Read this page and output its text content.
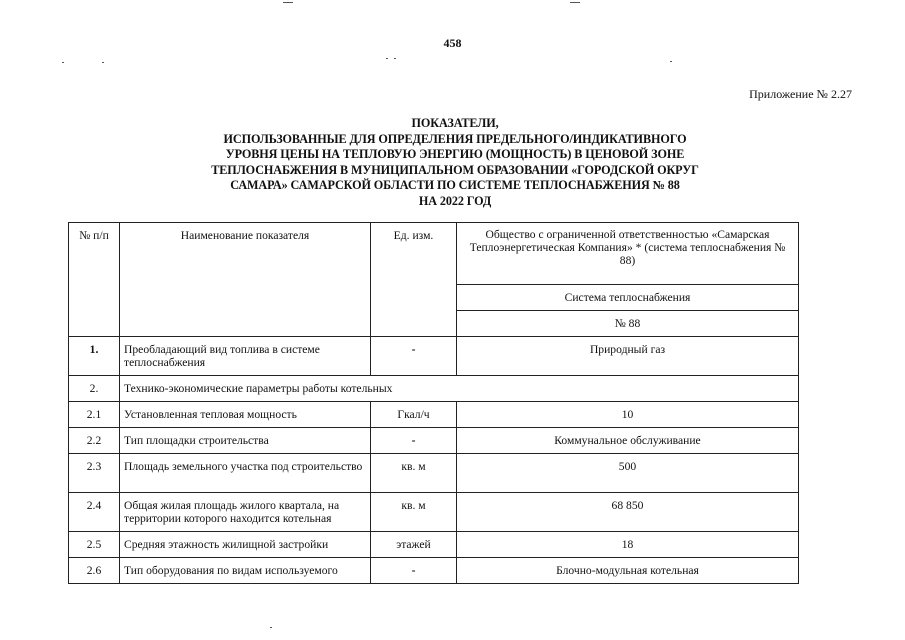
458
Приложение № 2.27
ПОКАЗАТЕЛИ,
ИСПОЛЬЗОВАННЫЕ ДЛЯ ОПРЕДЕЛЕНИЯ ПРЕДЕЛЬНОГО/ИНДИКАТИВНОГО
УРОВНЯ ЦЕНЫ НА ТЕПЛОВУЮ ЭНЕРГИЮ (МОЩНОСТЬ) В ЦЕНОВОЙ ЗОНЕ
ТЕПЛОСНАБЖЕНИЯ В МУНИЦИПАЛЬНОМ ОБРАЗОВАНИИ «ГОРОДСКОЙ ОКРУГ
САМАРА» САМАРСКОЙ ОБЛАСТИ ПО СИСТЕМЕ ТЕПЛОСНАБЖЕНИЯ № 88
НА 2022 ГОД
№ п/п	Наименование показателя	Ед. изм.	Общество с ограниченной ответственностью «Самарская Теплоэнергетическая Компания» * (система теплоснабжения № 88)
			Система теплоснабжения
			№ 88
1.	Преобладающий вид топлива в системе теплоснабжения	-	Природный газ
2.	Технико-экономические параметры работы котельных		
2.1	Установленная тепловая мощность	Гкал/ч	10
2.2	Тип площадки строительства	-	Коммунальное обслуживание
2.3	Площадь земельного участка под строительство	кв. м	500
2.4	Общая жилая площадь жилого квартала, на территории которого находится котельная	кв. м	68 850
2.5	Средняя этажность жилищной застройки	этажей	18
2.6	Тип оборудования по видам используемого	-	Блочно-модульная котельная
